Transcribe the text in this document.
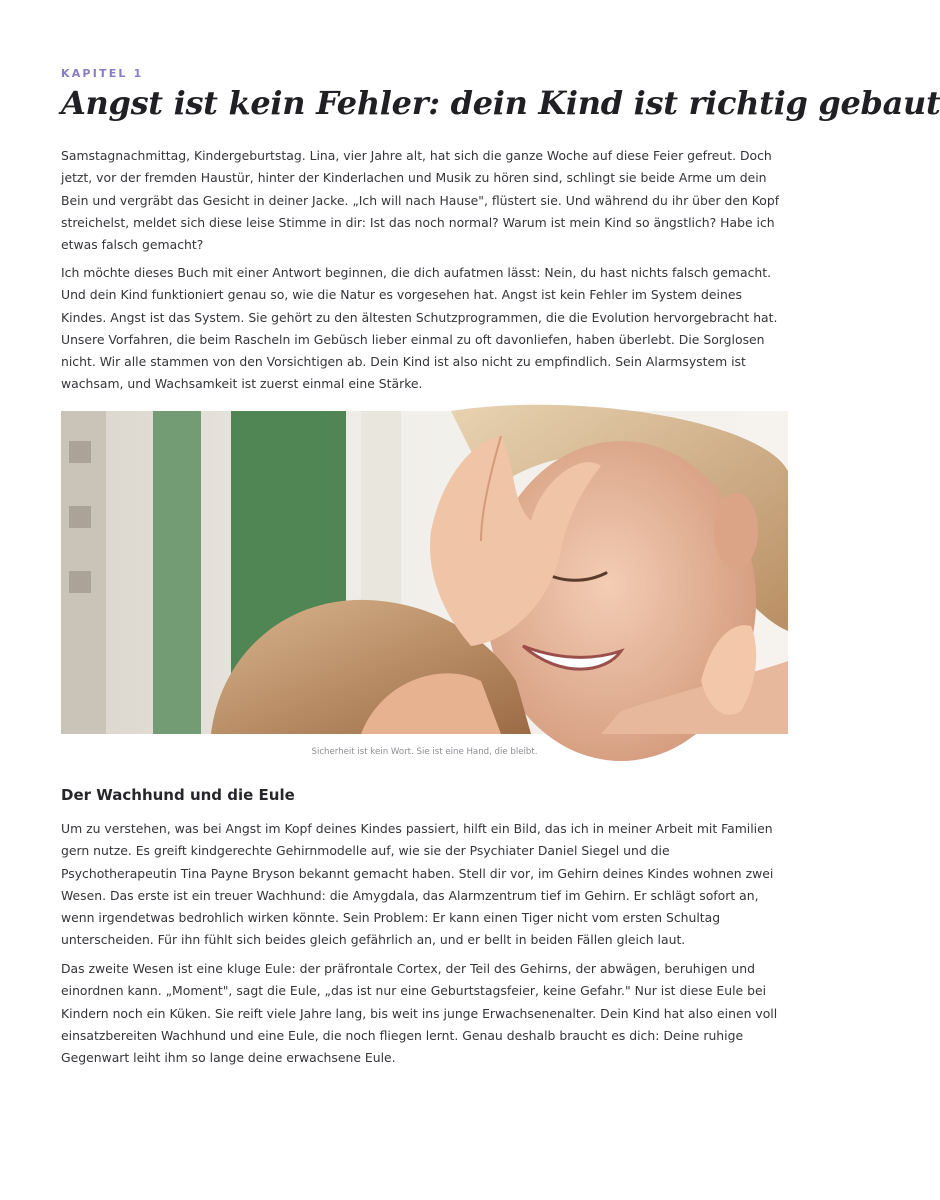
KAPITEL 1
Angst ist kein Fehler: dein Kind ist richtig gebaut

Samstagnachmittag, Kindergeburtstag. Lina, vier Jahre alt, hat sich die ganze Woche auf diese Feier gefreut. Doch jetzt, vor der fremden Haustür, hinter der Kinderlachen und Musik zu hören sind, schlingt sie beide Arme um dein Bein und vergräbt das Gesicht in deiner Jacke. „Ich will nach Hause", flüstert sie. Und während du ihr über den Kopf streichelst, meldet sich diese leise Stimme in dir: Ist das noch normal? Warum ist mein Kind so ängstlich? Habe ich etwas falsch gemacht?

Ich möchte dieses Buch mit einer Antwort beginnen, die dich aufatmen lässt: Nein, du hast nichts falsch gemacht. Und dein Kind funktioniert genau so, wie die Natur es vorgesehen hat. Angst ist kein Fehler im System deines Kindes. Angst ist das System. Sie gehört zu den ältesten Schutzprogrammen, die die Evolution hervorgebracht hat. Unsere Vorfahren, die beim Rascheln im Gebüsch lieber einmal zu oft davonliefen, haben überlebt. Die Sorglosen nicht. Wir alle stammen von den Vorsichtigen ab. Dein Kind ist also nicht zu empfindlich. Sein Alarmsystem ist wachsam, und Wachsamkeit ist zuerst einmal eine Stärke.

Sicherheit ist kein Wort. Sie ist eine Hand, die bleibt.

Der Wachhund und die Eule

Um zu verstehen, was bei Angst im Kopf deines Kindes passiert, hilft ein Bild, das ich in meiner Arbeit mit Familien gern nutze. Es greift kindgerechte Gehirnmodelle auf, wie sie der Psychiater Daniel Siegel und die Psychotherapeutin Tina Payne Bryson bekannt gemacht haben. Stell dir vor, im Gehirn deines Kindes wohnen zwei Wesen. Das erste ist ein treuer Wachhund: die Amygdala, das Alarmzentrum tief im Gehirn. Er schlägt sofort an, wenn irgendetwas bedrohlich wirken könnte. Sein Problem: Er kann einen Tiger nicht vom ersten Schultag unterscheiden. Für ihn fühlt sich beides gleich gefährlich an, und er bellt in beiden Fällen gleich laut.

Das zweite Wesen ist eine kluge Eule: der präfrontale Cortex, der Teil des Gehirns, der abwägen, beruhigen und einordnen kann. „Moment", sagt die Eule, „das ist nur eine Geburtstagsfeier, keine Gefahr." Nur ist diese Eule bei Kindern noch ein Küken. Sie reift viele Jahre lang, bis weit ins junge Erwachsenenalter. Dein Kind hat also einen voll einsatzbereiten Wachhund und eine Eule, die noch fliegen lernt. Genau deshalb braucht es dich: Deine ruhige Gegenwart leiht ihm so lange deine erwachsene Eule.
